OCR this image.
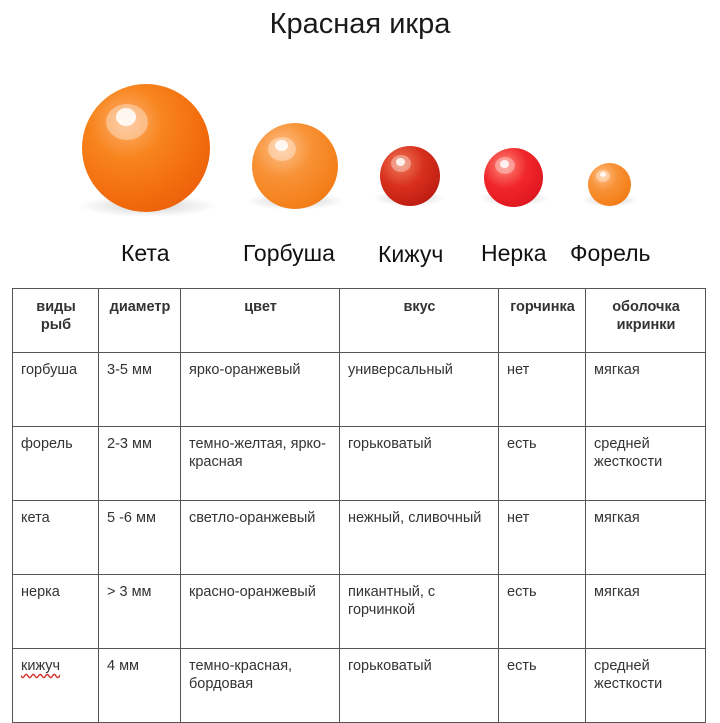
Красная икра
Кета	Горбуша Кижуч Нерка Форель
виды рыб	диаметр	цвет	вкус	горчинка	оболочка икринки
горбуша	3-5 мм	ярко-оранжевый	универсальный	нет	мягкая
форель	2-3 мм	темно-желтая, ярко-красная	горьковатый	есть	средней жесткости
кета	5 -6 мм	светло-оранжевый	нежный, сливочный	нет	мягкая
нерка	> 3 мм	красно-оранжевый	пикантный, с горчинкой	есть	мягкая
кижуч	4 мм	темно-красная, бордовая	горьковатый	есть	средней жесткости
